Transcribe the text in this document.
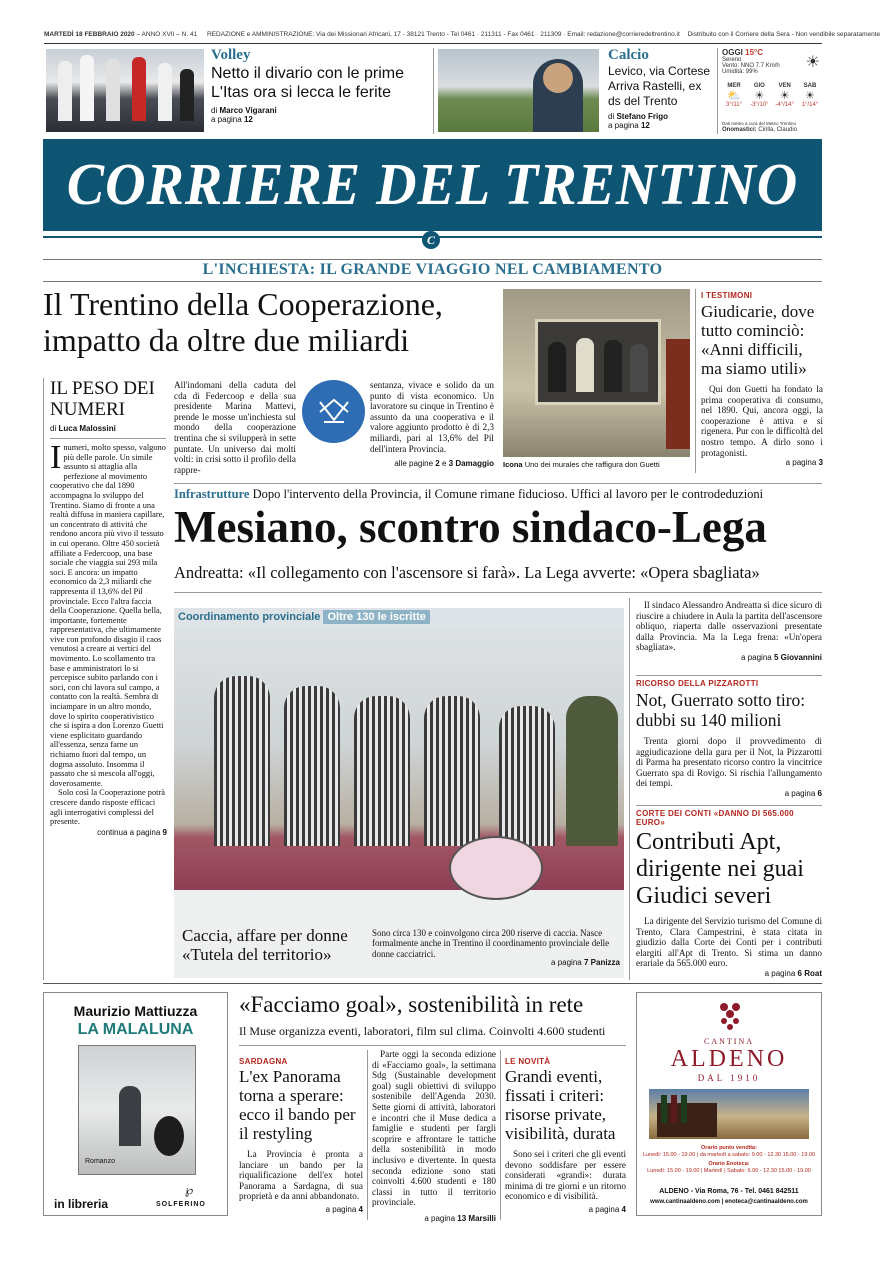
MARTEDÌ 18 FEBBRAIO 2020 – ANNO XVII – N. 41 REDAZIONE e AMMINISTRAZIONE: Via dei Missionari Africani, 17 - 38121 Trento - Tel 0461 · 211311 - Fax 0461 · 211309 · Email: redazione@corrieredeltrentino.it Distribuito con il Corriere della Sera - Non vendibile separatamente
Volley
Netto il divario con le prime L'Itas ora si lecca le ferite
di Marco Vigarani
a pagina 12
Calcio
Levico, via Cortese Arriva Rastelli, ex ds del Trento
di Stefano Frigo
a pagina 12
OGGI 15°C
Sereno
Vento: NNO 7.7 Km/h
Umidità: 99%
☀
MER
⛅
3°/11°
GIO
☀
-3°/10°
VEN
☀
-4°/14°
SAB
☀
1°/14°
Dati meteo a cura del Meteo Trentino
Onomastici: Cirilla, Claudio
CORRIERE DEL TRENTINO
C
L'INCHIESTA: IL GRANDE VIAGGIO NEL CAMBIAMENTO
Il Trentino della Cooperazione, impatto da oltre due miliardi
IL PESO DEI NUMERI
di Luca Malossini
I numeri, molto spesso, valgono più delle parole. Un simile assunto si attaglia alla perfezione al movimento cooperativo che dal 1890 accompagna lo sviluppo del Trentino. Siamo di fronte a una realtà diffusa in maniera capillare, un concentrato di attività che rendono ancora più vivo il tessuto in cui operano. Oltre 450 società affiliate a Federcoop, una base sociale che viaggia sui 293 mila soci. E ancora: un impatto economico da 2,3 miliardi che rappresenta il 13,6% del Pil provinciale. Ecco l'altra faccia della Cooperazione. Quella bella, importante, fortemente rappresentativa, che ultimamente vive con profondo disagio il caos venutosi a creare ai vertici del movimento. Lo scollamento tra base e amministratori lo si percepisce subito parlando con i soci, con chi lavora sul campo, a contatto con la realtà. Sembra di inciampare in un altro mondo, dove lo spirito cooperativistico che si ispira a don Lorenzo Guetti viene esplicitato guardando all'essenza, senza farne un richiamo fuori dal tempo, un dogma assoluto. Insomma il passato che si mescola all'oggi, doverosamente.
Solo così la Cooperazione potrà crescere dando risposte efficaci agli interrogativi complessi del presente.
continua a pagina 9
All'indomani della caduta del cda di Federcoop e della sua presidente Marina Mattevi, prende le mosse un'inchiesta sul mondo della cooperazione trentina che si svilupperà in sette puntate. Un universo dai molti volti: in crisi sotto il profilo della rappre-
sentanza, vivace e solido da un punto di vista economico. Un lavoratore su cinque in Trentino è assunto da una cooperativa e il valore aggiunto prodotto è di 2,3 miliardi, pari al 13,6% del Pil dell'intera Provincia.
alle pagine 2 e 3 Damaggio Icona Uno dei murales che raffigura don Guetti
I TESTIMONI
Giudicarie, dove tutto cominciò: «Anni difficili, ma siamo utili»
Qui don Guetti ha fondato la prima cooperativa di consumo, nel 1890. Qui, ancora oggi, la cooperazione è attiva e si rigenera. Pur con le difficoltà del nostro tempo. A dirlo sono i protagonisti.
a pagina 3
Infrastrutture Dopo l'intervento della Provincia, il Comune rimane fiducioso. Uffici al lavoro per le controdeduzioni
Mesiano, scontro sindaco-Lega
Andreatta: «Il collegamento con l'ascensore si farà». La Lega avverte: «Opera sbagliata»
Coordinamento provinciale Oltre 130 le iscritte
Caccia, affare per donne «Tutela del territorio»
Sono circa 130 e coinvolgono circa 200 riserve di caccia. Nasce formalmente anche in Trentino il coordinamento provinciale delle donne cacciatrici.
a pagina 7 Panizza
Il sindaco Alessandro Andreatta si dice sicuro di riuscire a chiudere in Aula la partita dell'ascensore obliquo, riaperta dalle osservazioni presentate dalla Provincia. Ma la Lega frena: «Un'opera sbagliata».
a pagina 5 Giovannini
RICORSO DELLA PIZZAROTTI
Not, Guerrato sotto tiro: dubbi su 140 milioni
Trenta giorni dopo il provvedimento di aggiudicazione della gara per il Not, la Pizzarotti di Parma ha presentato ricorso contro la vincitrice Guerrato spa di Rovigo. Si rischia l'allungamento dei tempi.
a pagina 6
CORTE DEI CONTI «DANNO DI 565.000 EURO»
Contributi Apt, dirigente nei guai Giudici severi
La dirigente del Servizio turismo del Comune di Trento, Clara Campestrini, è stata citata in giudizio dalla Corte dei Conti per i contributi elargiti all'Apt di Trento. Si stima un danno erariale da 565.000 euro.
a pagina 6 Roat
Maurizio Mattiuzza
LA MALALUNA
Romanzo
in libreria
℘
SOLFERINO
«Facciamo goal», sostenibilità in rete
Il Muse organizza eventi, laboratori, film sul clima. Coinvolti 4.600 studenti
SARDAGNA
L'ex Panorama torna a sperare: ecco il bando per il restyling
La Provincia è pronta a lanciare un bando per la riqualificazione dell'ex hotel Panorama a Sardagna, di sua proprietà e da anni abbandonato.
a pagina 4
Parte oggi la seconda edizione di «Facciamo goal», la settimana Sdg (Sustainable development goal) sugli obiettivi di sviluppo sostenibile dell'Agenda 2030. Sette giorni di attività, laboratori e incontri che il Muse dedica a famiglie e studenti per fargli scoprire e affrontare le tattiche della sostenibilità in modo inclusivo e divertente. In questa seconda edizione sono stati coinvolti 4.600 studenti e 180 classi in tutto il territorio provinciale.
a pagina 13 Marsilli
LE NOVITÀ
Grandi eventi, fissati i criteri: risorse private, visibilità, durata
Sono sei i criteri che gli eventi devono soddisfare per essere considerati «grandi»: durata minima di tre giorni e un ritorno economico e di visibilità.
a pagina 4
CANTINA
ALDENO
DAL 1910
Orario punto vendita:
Lunedì: 15.00 - 19.00 | da martedì a sabato: 9.00 - 12.30 15.00 - 19.00
Orario Enoteca:
Lunedì: 15.00 - 19.00 | Martedì | Sabato: 9.00 - 12.30 15.00 - 19.00
ALDENO - Via Roma, 76 - Tel. 0461 842511
www.cantinaaldeno.com | enoteca@cantinaaldeno.com
